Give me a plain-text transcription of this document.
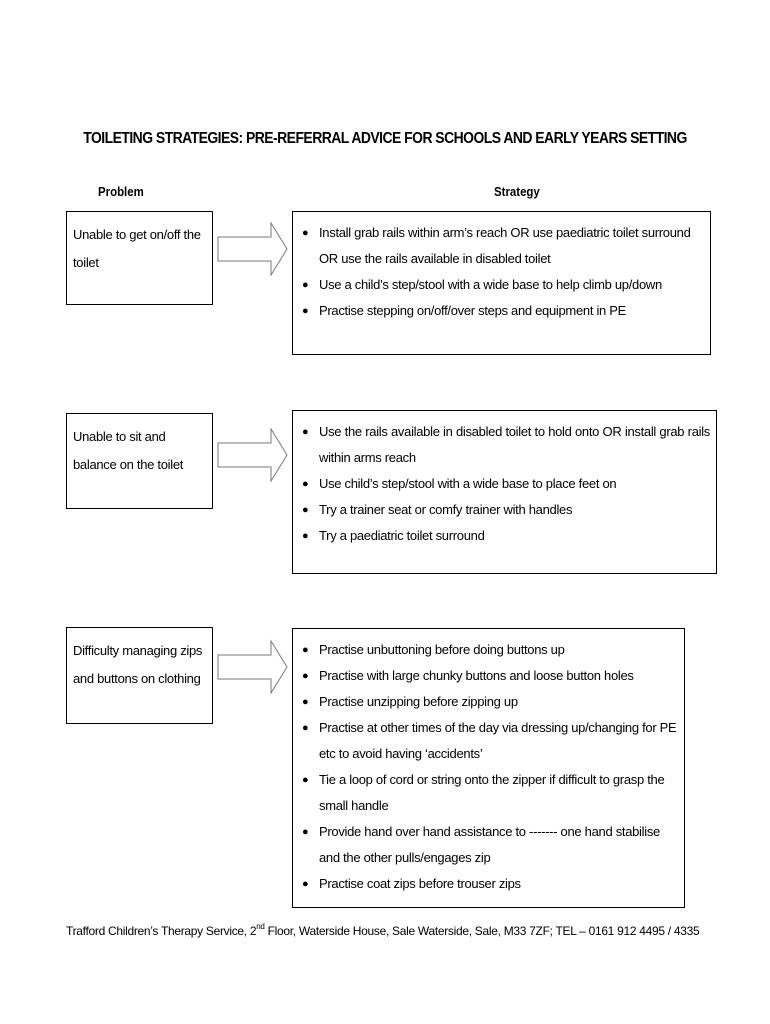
TOILETING STRATEGIES: PRE-REFERRAL ADVICE FOR SCHOOLS AND EARLY YEARS SETTING
Problem	Strategy
Unable to get on/off the toilet
● Install grab rails within arm’s reach OR use paediatric toilet surround OR use the rails available in disabled toilet
● Use a child’s step/stool with a wide base to help climb up/down
● Practise stepping on/off/over steps and equipment in PE
Unable to sit and balance on the toilet
● Use the rails available in disabled toilet to hold onto OR install grab rails within arms reach
● Use child’s step/stool with a wide base to place feet on
● Try a trainer seat or comfy trainer with handles
● Try a paediatric toilet surround
Difficulty managing zips and buttons on clothing
● Practise unbuttoning before doing buttons up
● Practise with large chunky buttons and loose button holes
● Practise unzipping before zipping up
● Practise at other times of the day via dressing up/changing for PE etc to avoid having ‘accidents’
● Tie a loop of cord or string onto the zipper if difficult to grasp the small handle
● Provide hand over hand assistance to ------- one hand stabilise and the other pulls/engages zip
● Practise coat zips before trouser zips
Trafford Children’s Therapy Service, 2nd Floor, Waterside House, Sale Waterside, Sale, M33 7ZF; TEL – 0161 912 4495 / 4335
